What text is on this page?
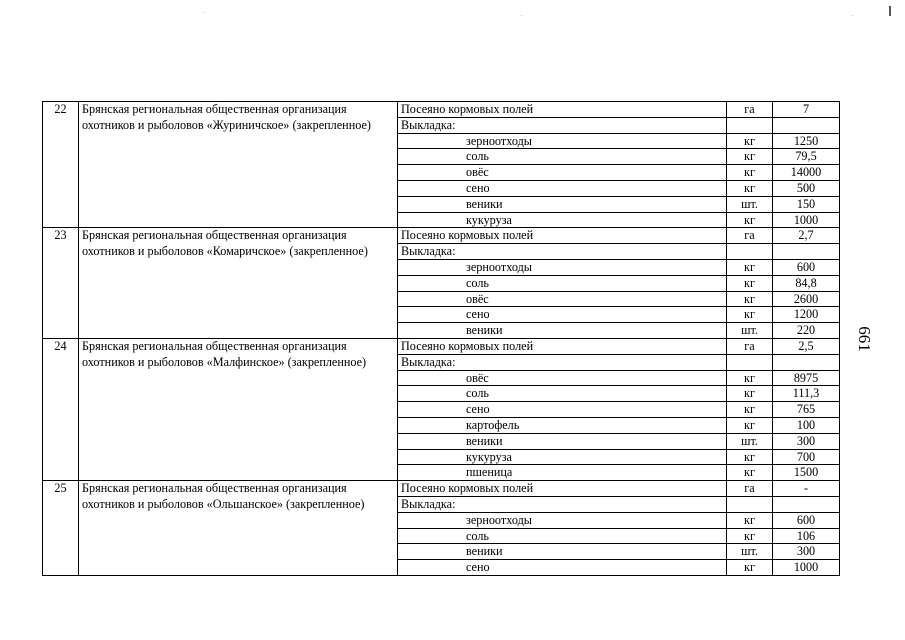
661
22	Брянская региональная общественная организация охотников и рыболовов «Журиничское» (закрепленное)	Посеяно кормовых полей	га	7
		Выкладка:		
		зерноотходы	кг	1250
		соль	кг	79,5
		овёс	кг	14000
		сено	кг	500
		веники	шт.	150
		кукуруза	кг	1000
23	Брянская региональная общественная организация охотников и рыболовов «Комаричское» (закрепленное)	Посеяно кормовых полей	га	2,7
		Выкладка:		
		зерноотходы	кг	600
		соль	кг	84,8
		овёс	кг	2600
		сено	кг	1200
		веники	шт.	220
24	Брянская региональная общественная организация охотников и рыболовов «Малфинское» (закрепленное)	Посеяно кормовых полей	га	2,5
		Выкладка:		
		овёс	кг	8975
		соль	кг	111,3
		сено	кг	765
		картофель	кг	100
		веники	шт.	300
		кукуруза	кг	700
		пшеница	кг	1500
25	Брянская региональная общественная организация охотников и рыболовов «Ольшанское» (закрепленное)	Посеяно кормовых полей	га	-
		Выкладка:		
		зерноотходы	кг	600
		соль	кг	106
		веники	шт.	300
		сено	кг	1000
